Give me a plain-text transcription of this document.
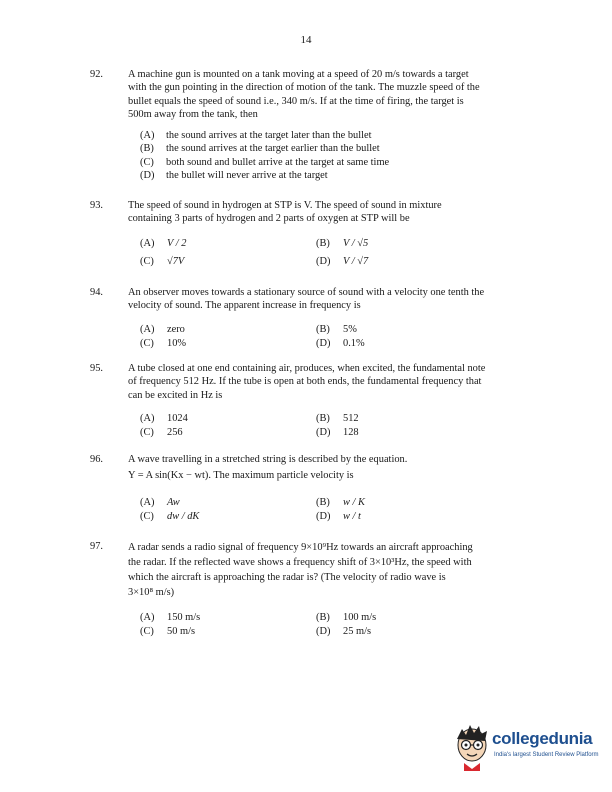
14
92. A machine gun is mounted on a tank moving at a speed of 20 m/s towards a target
with the gun pointing in the direction of motion of the tank. The muzzle speed of the
bullet equals the speed of sound i.e., 340 m/s. If at the time of firing, the target is
500m away from the tank, then
(A)	the sound arrives at the target later than the bullet
(B)	the sound arrives at the target earlier than the bullet
(C)	both sound and bullet arrive at the target at same time
(D)	the bullet will never arrive at the target
93. The speed of sound in hydrogen at STP is V. The speed of sound in mixture
containing 3 parts of hydrogen and 2 parts of oxygen at STP will be
(A)	V / 2	(B)	V / √5
(C)	√7V	(D)	V / √7
94. An observer moves towards a stationary source of sound with a velocity one tenth the
velocity of sound. The apparent increase in frequency is
(A)	zero	(B)	5%
(C)	10%	(D)	0.1%
95. A tube closed at one end containing air, produces, when excited, the fundamental note
of frequency 512 Hz. If the tube is open at both ends, the fundamental frequency that
can be excited in Hz is
(A)	1024	(B)	512
(C)	256	(D)	128
96. A wave travelling in a stretched string is described by the equation.
Y = A sin(Kx − wt). The maximum particle velocity is
(A)	Aw	(B)	w / K
(C)	dw / dK	(D)	w / t
97. A radar sends a radio signal of frequency 9×10⁹Hz towards an aircraft approaching
the radar. If the reflected wave shows a frequency shift of 3×10³Hz, the speed with
which the aircraft is approaching the radar is? (The velocity of radio wave is
3×10⁸ m/s)
(A)	150 m/s	(B)	100 m/s
(C)	50 m/s	(D)	25 m/s
collegedunia
India's largest Student Review Platform
